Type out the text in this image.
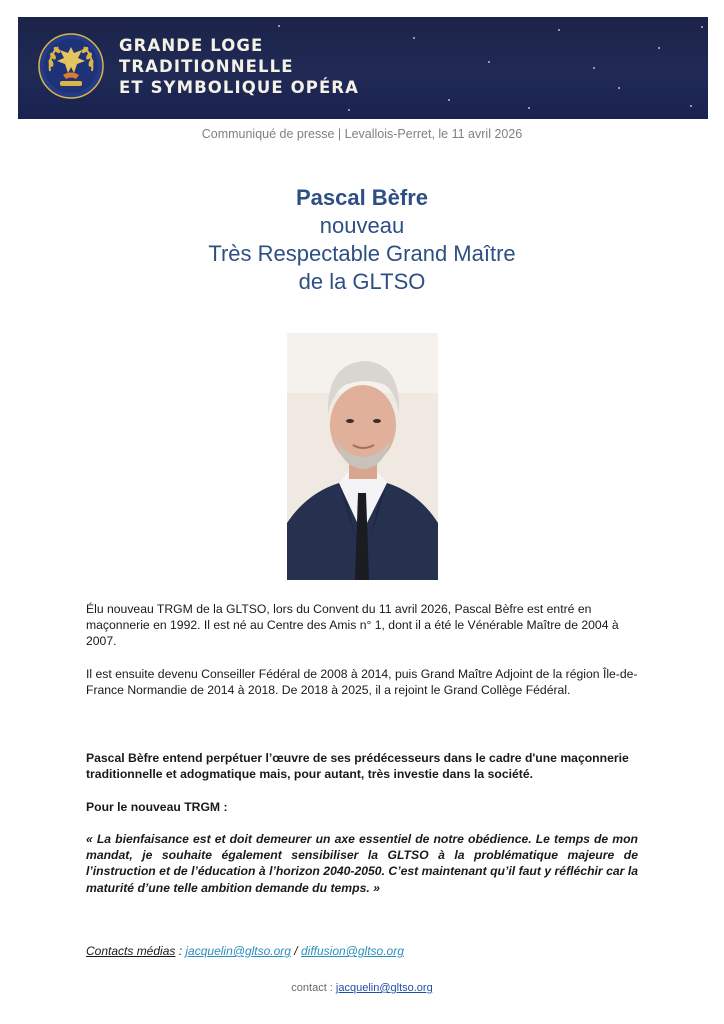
GRANDE LOGE
TRADITIONNELLE
ET SYMBOLIQUE OPÉRA
Communiqué de presse | Levallois-Perret, le 11 avril 2026
Pascal Bèfre
nouveau
Très Respectable Grand Maître
de la GLTSO
Élu nouveau TRGM de la GLTSO, lors du Convent du 11 avril 2026, Pascal Bèfre est entré en maçonnerie en 1992. Il est né au Centre des Amis n° 1, dont il a été le Vénérable Maître de 2004 à 2007.
Il est ensuite devenu Conseiller Fédéral de 2008 à 2014, puis Grand Maître Adjoint de la région Île-de-France Normandie de 2014 à 2018. De 2018 à 2025, il a rejoint le Grand Collège Fédéral.
Pascal Bèfre entend perpétuer l’œuvre de ses prédécesseurs dans le cadre d'une maçonnerie traditionnelle et adogmatique mais, pour autant, très investie dans la société.
Pour le nouveau TRGM :
« La bienfaisance est et doit demeurer un axe essentiel de notre obédience. Le temps de mon mandat, je souhaite également sensibiliser la GLTSO à la problématique majeure de l’instruction et de l’éducation à l’horizon 2040-2050. C’est maintenant qu’il faut y réfléchir car la maturité d’une telle ambition demande du temps. »
Contacts médias : jacquelin@gltso.org / diffusion@gltso.org
contact : jacquelin@gltso.org
